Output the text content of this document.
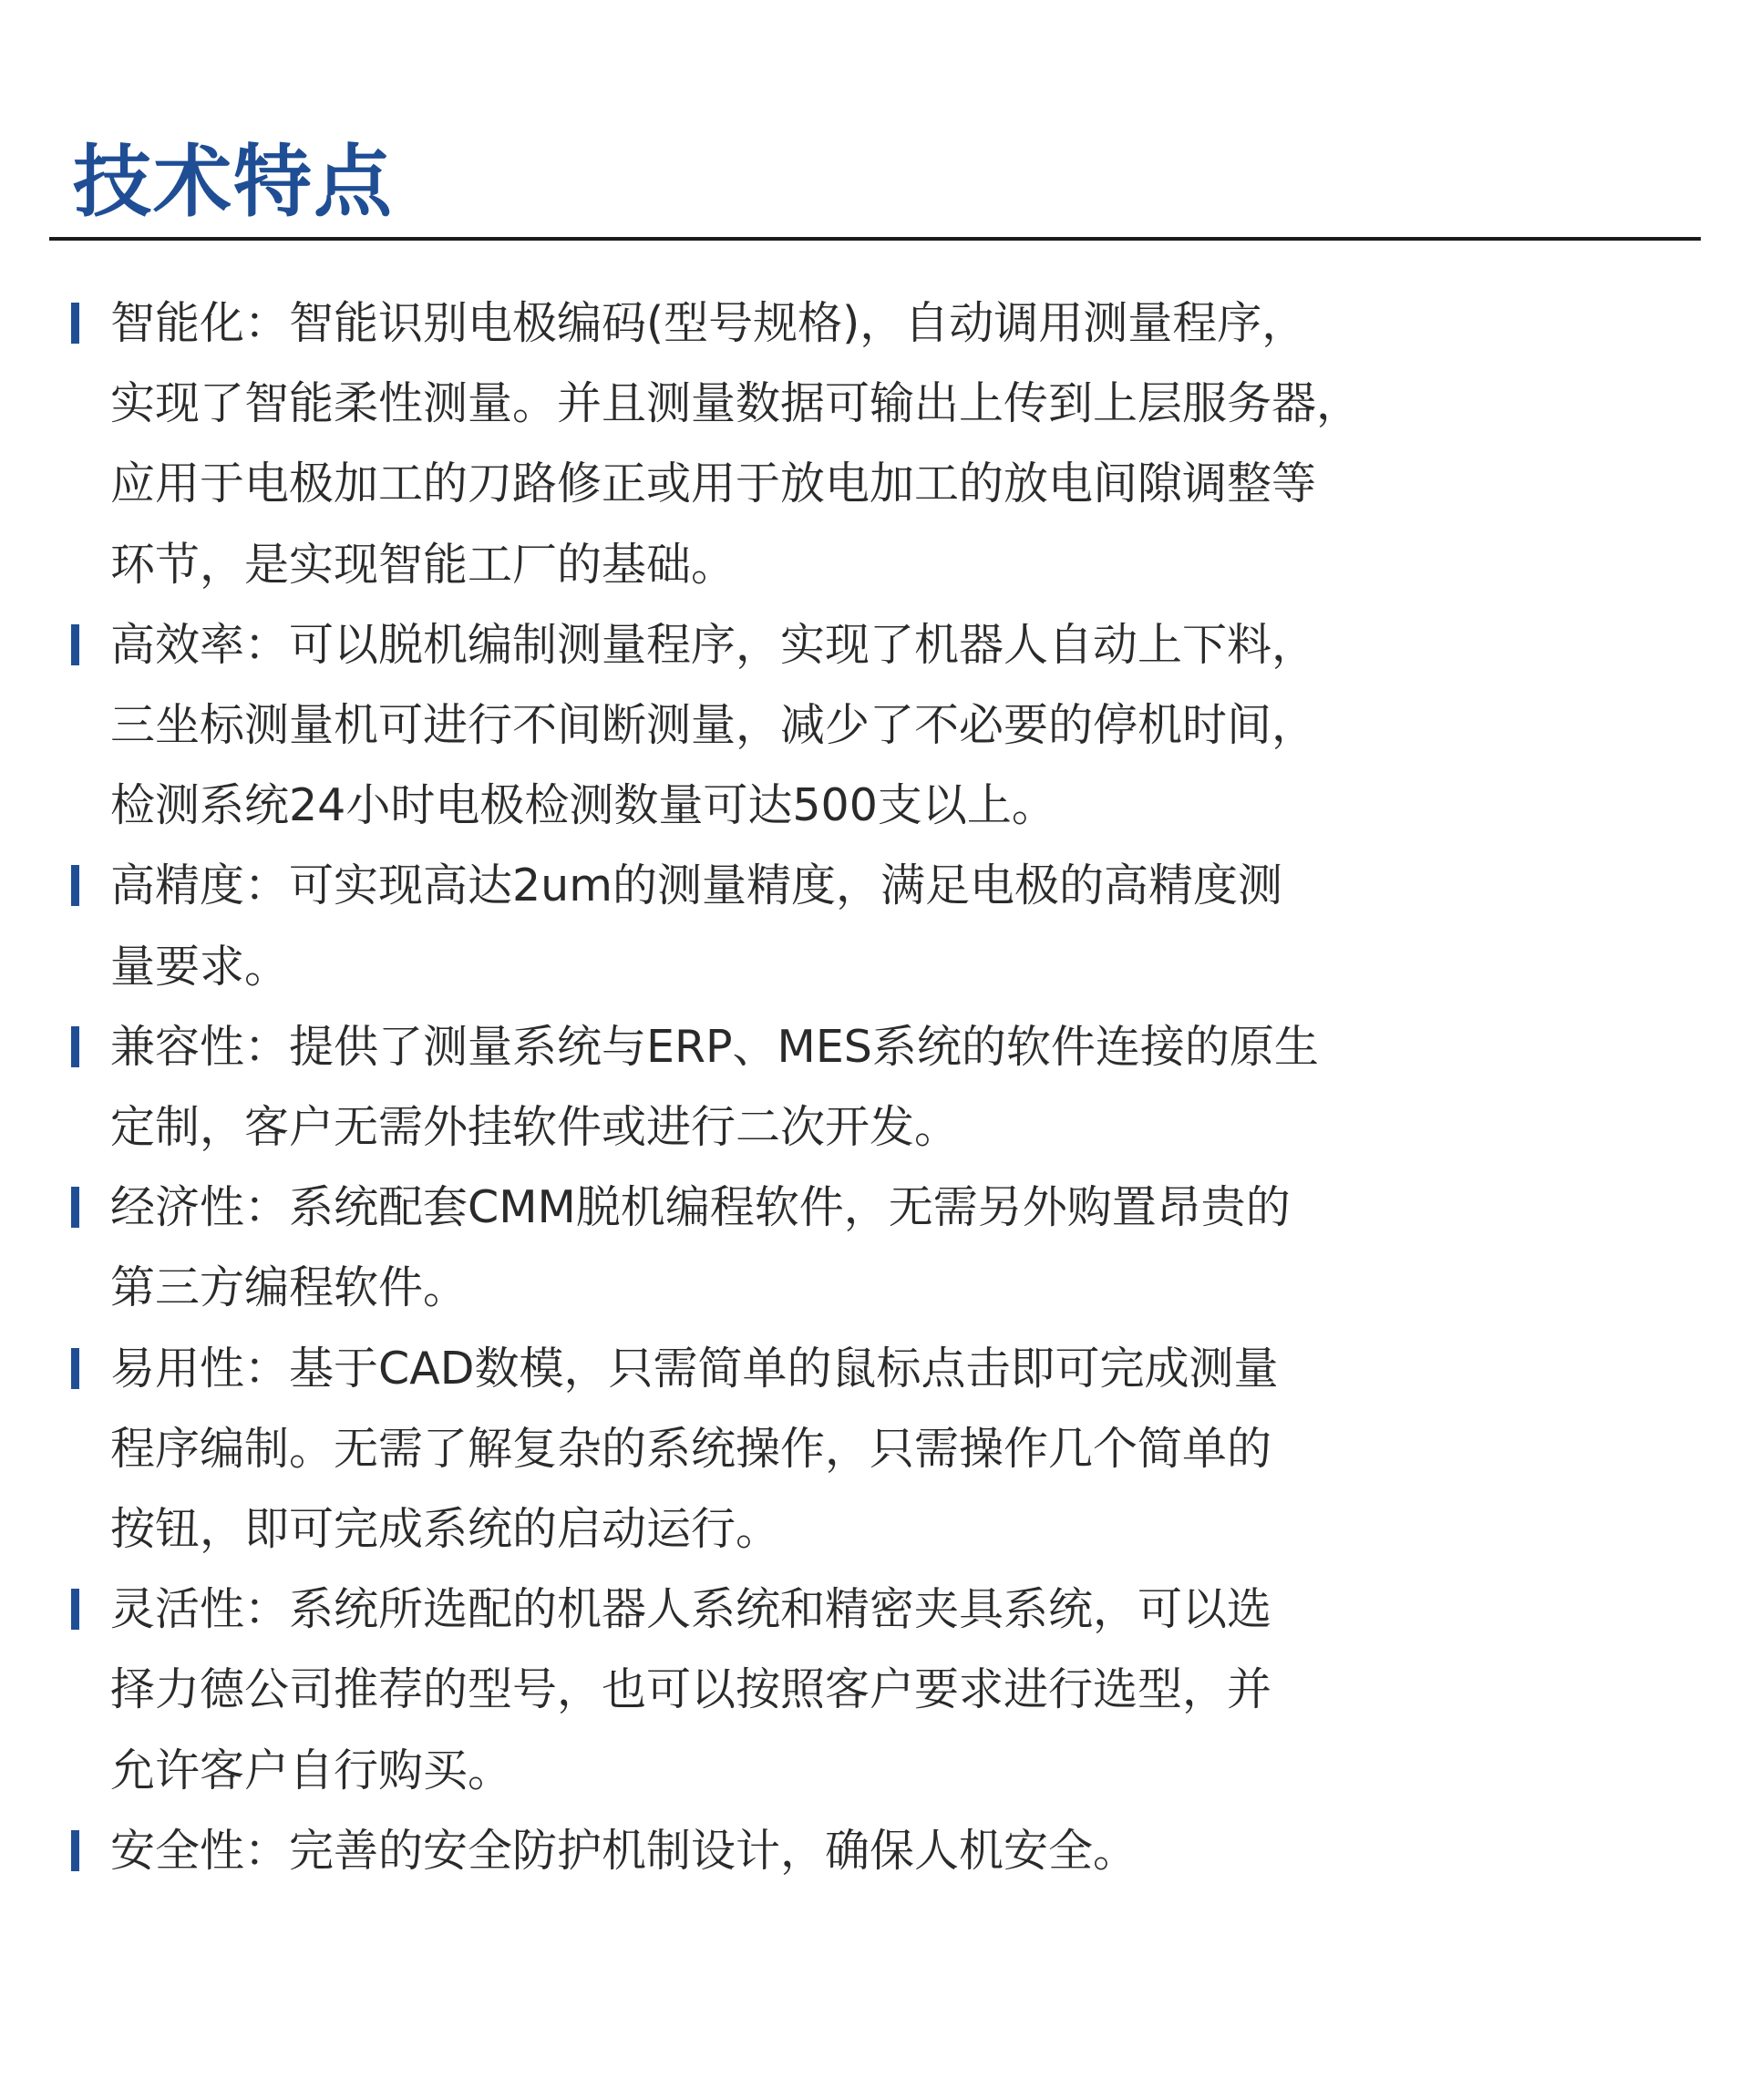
技术特点
智能化：智能识别电极编码(型号规格)，自动调用测量程序，
实现了智能柔性测量。并且测量数据可输出上传到上层服务器，
应用于电极加工的刀路修正或用于放电加工的放电间隙调整等
环节，是实现智能工厂的基础。
高效率：可以脱机编制测量程序，实现了机器人自动上下料，
三坐标测量机可进行不间断测量，减少了不必要的停机时间，
检测系统24小时电极检测数量可达500支以上。
高精度：可实现高达2um的测量精度，满足电极的高精度测
量要求。
兼容性：提供了测量系统与ERP、MES系统的软件连接的原生
定制，客户无需外挂软件或进行二次开发。
经济性：系统配套CMM脱机编程软件，无需另外购置昂贵的
第三方编程软件。
易用性：基于CAD数模，只需简单的鼠标点击即可完成测量
程序编制。无需了解复杂的系统操作，只需操作几个简单的
按钮，即可完成系统的启动运行。
灵活性：系统所选配的机器人系统和精密夹具系统，可以选
择力德公司推荐的型号，也可以按照客户要求进行选型，并
允许客户自行购买。
安全性：完善的安全防护机制设计，确保人机安全。
